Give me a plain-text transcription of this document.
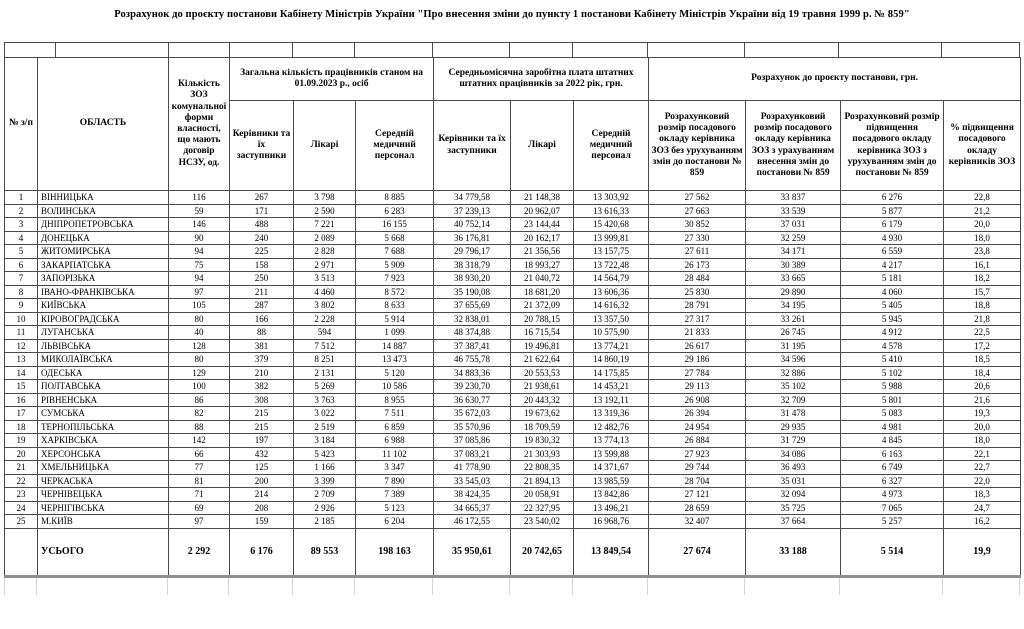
Розрахунок до проєкту постанови Кабінету Міністрів України "Про внесення зміни до пункту 1 постанови Кабінету Міністрів України від 19 травня 1999 р. № 859"
№ з/п	ОБЛАСТЬ	Кількість ЗОЗ комунальної форми власності, що мають договір НСЗУ, од.	Загальна кількість працівників станом на 01.09.2023 р., осіб			Середньомісячна заробітна плата штатних штатних працівників за 2022 рік, грн.			Розрахунок до проєкту постанови, грн.			
			Керівники та їх заступники	Лікарі	Середній медичний персонал	Керівники та їх заступники	Лікарі	Середній медичний персонал	Розрахунковий розмір посадового окладу керівника ЗОЗ без урухуванням змін до постанови № 859	Розрахунковий розмір посадового окладу керівника ЗОЗ з урахуванням внесення змін до постанови № 859	Розрахунковий розмір підвищення посадового окладу керівника ЗОЗ з урухуванням змін до постанови № 859	% підвищення посадового окладу керівників ЗОЗ
1	ВІННИЦЬКА	116	267	3 798	8 885	34 779,58	21 148,38	13 303,92	27 562	33 837	6 276	22,8
2	ВОЛИНСЬКА	59	171	2 590	6 283	37 239,13	20 962,07	13 616,33	27 663	33 539	5 877	21,2
3	ДНІПРОПЕТРОВСЬКА	146	488	7 221	16 155	40 752,14	23 144,44	15 420,68	30 852	37 031	6 179	20,0
4	ДОНЕЦЬКА	90	240	2 089	5 668	36 176,81	20 162,17	13 999,81	27 330	32 259	4 930	18,0
5	ЖИТОМИРСЬКА	94	225	2 828	7 688	29 796,17	21 356,56	13 157,75	27 611	34 171	6 559	23,8
6	ЗАКАРПАТСЬКА	75	158	2 971	5 909	38 318,79	18 993,27	13 722,48	26 173	30 389	4 217	16,1
7	ЗАПОРІЗЬКА	94	250	3 513	7 923	38 930,20	21 040,72	14 564,79	28 484	33 665	5 181	18,2
8	ІВАНО-ФРАНКІВСЬКА	97	211	4 460	8 572	35 190,08	18 681,20	13 606,36	25 830	29 890	4 060	15,7
9	КИЇВСЬКА	105	287	3 802	8 633	37 655,69	21 372,09	14 616,32	28 791	34 195	5 405	18,8
10	КІРОВОГРАДСЬКА	80	166	2 228	5 914	32 838,01	20 788,15	13 357,50	27 317	33 261	5 945	21,8
11	ЛУГАНСЬКА	40	88	594	1 099	48 374,88	16 715,54	10 575,90	21 833	26 745	4 912	22,5
12	ЛЬВІВСЬКА	128	381	7 512	14 887	37 387,41	19 496,81	13 774,21	26 617	31 195	4 578	17,2
13	МИКОЛАЇВСЬКА	80	379	8 251	13 473	46 755,78	21 622,64	14 860,19	29 186	34 596	5 410	18,5
14	ОДЕСЬКА	129	210	2 131	5 120	34 883,36	20 553,53	14 175,85	27 784	32 886	5 102	18,4
15	ПОЛТАВСЬКА	100	382	5 269	10 586	39 230,70	21 938,61	14 453,21	29 113	35 102	5 988	20,6
16	РІВНЕНСЬКА	86	308	3 763	8 955	36 630,77	20 443,32	13 192,11	26 908	32 709	5 801	21,6
17	СУМСЬКА	82	215	3 022	7 511	35 672,03	19 673,62	13 319,36	26 394	31 478	5 083	19,3
18	ТЕРНОПІЛЬСЬКА	88	215	2 519	6 859	35 570,96	18 709,59	12 482,76	24 954	29 935	4 981	20,0
19	ХАРКІВСЬКА	142	197	3 184	6 988	37 085,86	19 830,32	13 774,13	26 884	31 729	4 845	18,0
20	ХЕРСОНСЬКА	66	432	5 423	11 102	37 083,21	21 303,93	13 599,88	27 923	34 086	6 163	22,1
21	ХМЕЛЬНИЦЬКА	77	125	1 166	3 347	41 778,90	22 808,35	14 371,67	29 744	36 493	6 749	22,7
22	ЧЕРКАСЬКА	81	200	3 399	7 890	33 545,03	21 894,13	13 985,59	28 704	35 031	6 327	22,0
23	ЧЕРНІВЕЦЬКА	71	214	2 709	7 389	38 424,35	20 058,91	13 842,86	27 121	32 094	4 973	18,3
24	ЧЕРНІГІВСЬКА	69	208	2 926	5 123	34 665,37	22 327,95	13 496,21	28 659	35 725	7 065	24,7
25	М.КИЇВ	97	159	2 185	6 204	46 172,55	23 540,02	16 968,76	32 407	37 664	5 257	16,2
	УСЬОГО	2 292	6 176	89 553	198 163	35 950,61	20 742,65	13 849,54	27 674	33 188	5 514	19,9
